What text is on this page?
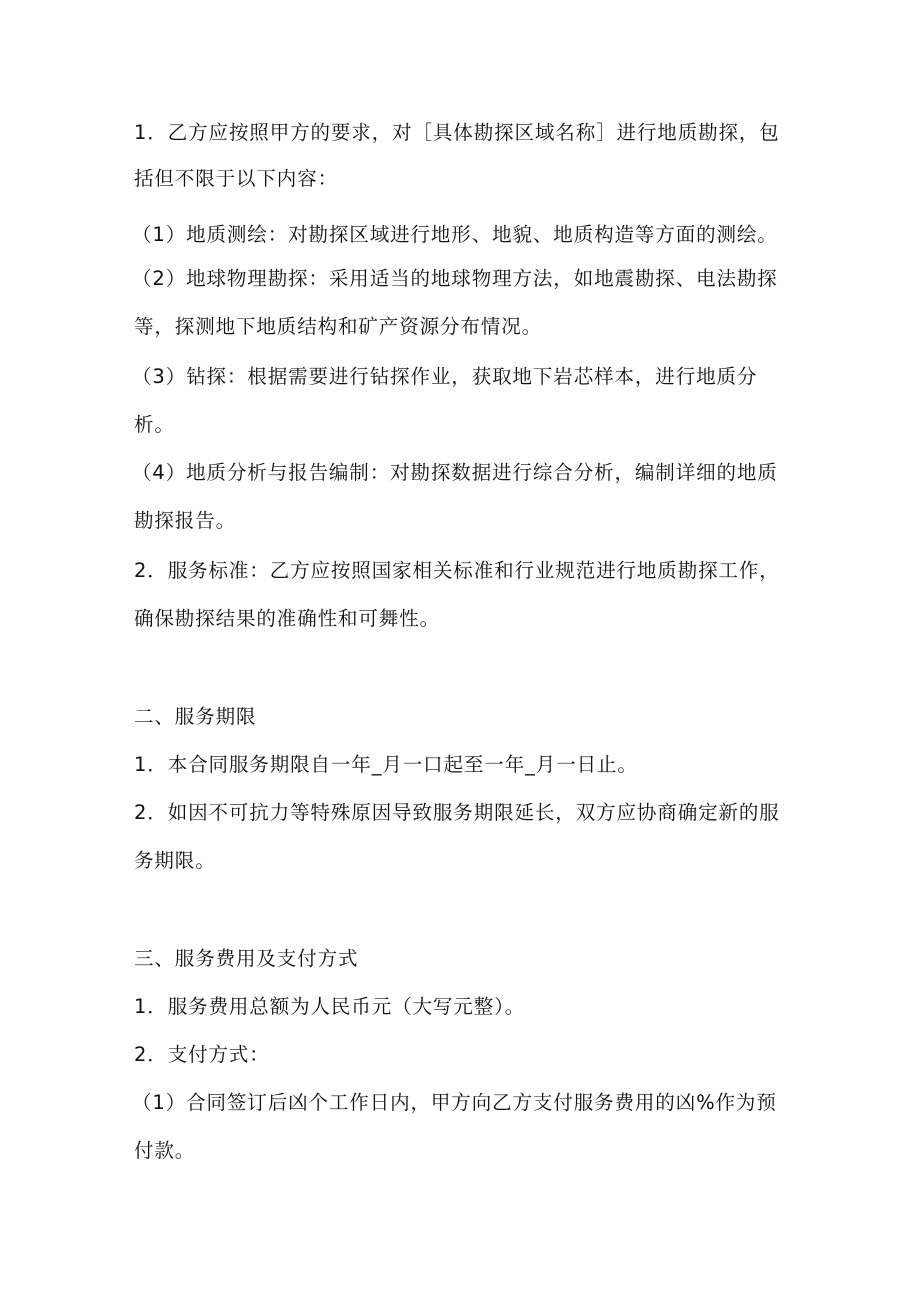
1．乙方应按照甲方的要求，对［具体勘探区域名称］进行地质勘探，包
括但不限于以下内容：
（1）地质测绘：对勘探区域进行地形、地貌、地质构造等方面的测绘。
（2）地球物理勘探：采用适当的地球物理方法，如地震勘探、电法勘探
等，探测地下地质结构和矿产资源分布情况。
（3）钻探：根据需要进行钻探作业，获取地下岩芯样本，进行地质分
析。
（4）地质分析与报告编制：对勘探数据进行综合分析，编制详细的地质
勘探报告。
2．服务标准：乙方应按照国家相关标准和行业规范进行地质勘探工作，
确保勘探结果的准确性和可舞性。
二、服务期限
1．本合同服务期限自一年_月一口起至一年_月一日止。
2．如因不可抗力等特殊原因导致服务期限延长，双方应协商确定新的服
务期限。
三、服务费用及支付方式
1．服务费用总额为人民币元（大写元整）。
2．支付方式：
（1）合同签订后凶个工作日内，甲方向乙方支付服务费用的凶%作为预
付款。
